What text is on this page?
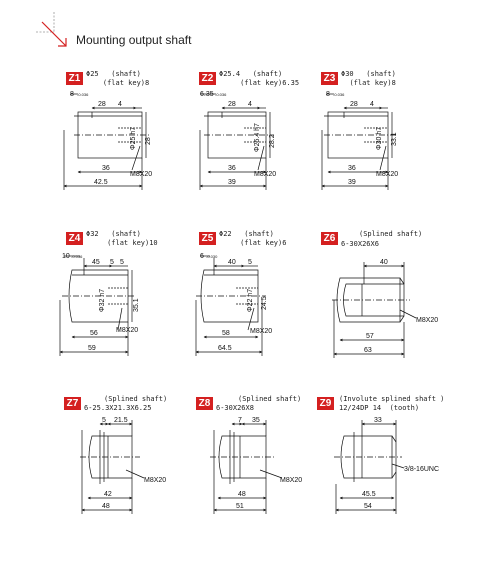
Mounting output shaft
Z1 Φ25   (shaft)
(flat key)8	Z2 Φ25.4   (shaft)
(flat key)6.35 Z3 Φ30   (shaft)
(flat key)8
Z4 Φ32   (shaft)
(flat key)10	Z5 Φ22   (shaft)
(flat key)6	Z6	(Splined shaft)
6-30X26X6
Z7	(Splined shaft)
6-25.3X21.3X6.25	Z8	(Splined shaft)
6-30X26X8	Z9	(Involute splined shaft )
12/24DP 14  (tooth)
8 -0.036
28 4
Φ25 h7 28
M8X20
36
42.5
6.35 -0.036
28 4
Φ25.4 h7 28.2
M8X20
36
39
8 -0.036
28 4
Φ30 h7 33.1
M8X20
36
39
10 -0.036
45 5 5
Φ32 h7	35.1
M8X20
56
59
6 -0.030
40 5
Φ22 h7 24.5
M8X20
58
64.5
40
M8X20
57
63
5 21.5
M8X20
42
48
7 35
M8X20
48
51
33
3/8-16UNC
45.5
54
